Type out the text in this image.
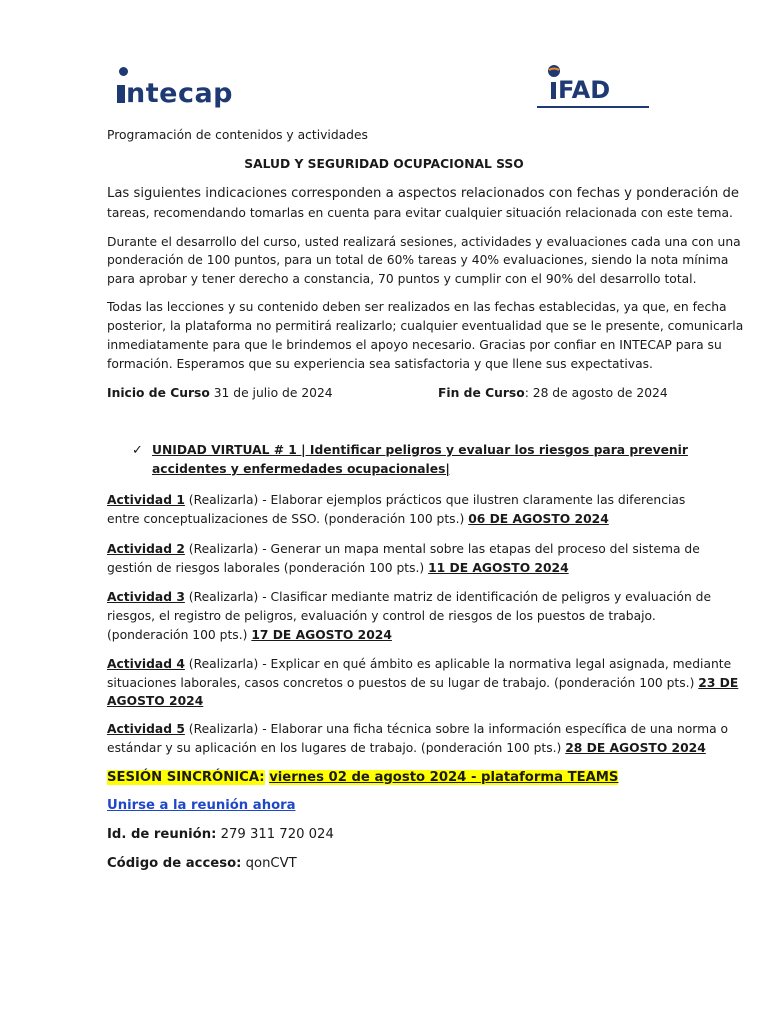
ntecap	FAD
Programación de contenidos y actividades
SALUD Y SEGURIDAD OCUPACIONAL SSO
Las siguientes indicaciones corresponden a aspectos relacionados con fechas y ponderación de
tareas, recomendando tomarlas en cuenta para evitar cualquier situación relacionada con este tema.
Durante el desarrollo del curso, usted realizará sesiones, actividades y evaluaciones cada una con una
ponderación de 100 puntos, para un total de 60% tareas y 40% evaluaciones, siendo la nota mínima
para aprobar y tener derecho a constancia, 70 puntos y cumplir con el 90% del desarrollo total.
Todas las lecciones y su contenido deben ser realizados en las fechas establecidas, ya que, en fecha
posterior, la plataforma no permitirá realizarlo; cualquier eventualidad que se le presente, comunicarla
inmediatamente para que le brindemos el apoyo necesario. Gracias por confiar en INTECAP para su
formación. Esperamos que su experiencia sea satisfactoria y que llene sus expectativas.
Inicio de Curso 31 de julio de 2024	Fin de Curso: 28 de agosto de 2024
✓ UNIDAD VIRTUAL # 1 | Identificar peligros y evaluar los riesgos para prevenir
accidentes y enfermedades ocupacionales|
Actividad 1 (Realizarla) - Elaborar ejemplos prácticos que ilustren claramente las diferencias
entre conceptualizaciones de SSO. (ponderación 100 pts.) 06 DE AGOSTO 2024
Actividad 2 (Realizarla) - Generar un mapa mental sobre las etapas del proceso del sistema de
gestión de riesgos laborales (ponderación 100 pts.) 11 DE AGOSTO 2024
Actividad 3 (Realizarla) - Clasificar mediante matriz de identificación de peligros y evaluación de
riesgos, el registro de peligros, evaluación y control de riesgos de los puestos de trabajo.
(ponderación 100 pts.) 17 DE AGOSTO 2024
Actividad 4 (Realizarla) - Explicar en qué ámbito es aplicable la normativa legal asignada, mediante
situaciones laborales, casos concretos o puestos de su lugar de trabajo. (ponderación 100 pts.) 23 DE
AGOSTO 2024
Actividad 5 (Realizarla) - Elaborar una ficha técnica sobre la información específica de una norma o
estándar y su aplicación en los lugares de trabajo. (ponderación 100 pts.) 28 DE AGOSTO 2024
SESIÓN SINCRÓNICA: viernes 02 de agosto 2024 - plataforma TEAMS
Unirse a la reunión ahora
Id. de reunión: 279 311 720 024
Código de acceso: qonCVT
